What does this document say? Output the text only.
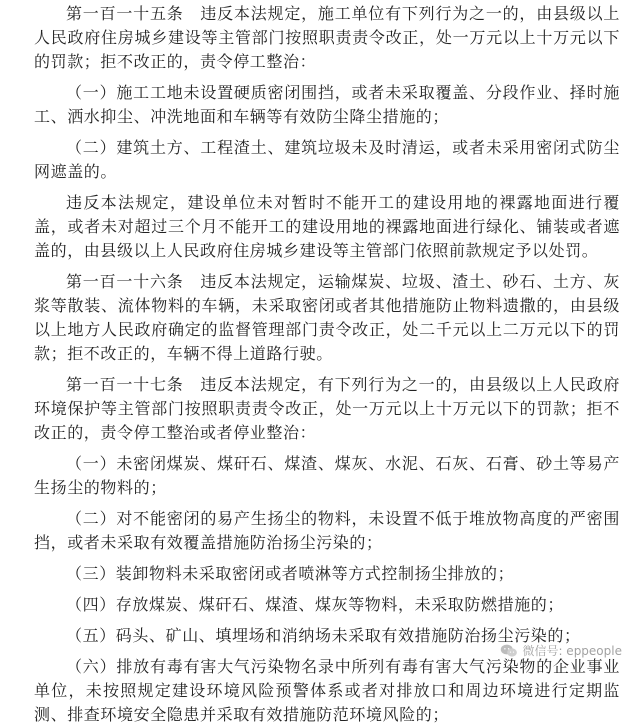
第一百一十五条　违反本法规定，施工单位有下列行为之一的，由县级以上人民政府住房城乡建设等主管部门按照职责责令改正，处一万元以上十万元以下的罚款；拒不改正的，责令停工整治：

（一）施工工地未设置硬质密闭围挡，或者未采取覆盖、分段作业、择时施工、洒水抑尘、冲洗地面和车辆等有效防尘降尘措施的；

（二）建筑土方、工程渣土、建筑垃圾未及时清运，或者未采用密闭式防尘网遮盖的。

违反本法规定，建设单位未对暂时不能开工的建设用地的裸露地面进行覆盖，或者未对超过三个月不能开工的建设用地的裸露地面进行绿化、铺装或者遮盖的，由县级以上人民政府住房城乡建设等主管部门依照前款规定予以处罚。

第一百一十六条　违反本法规定，运输煤炭、垃圾、渣土、砂石、土方、灰浆等散装、流体物料的车辆，未采取密闭或者其他措施防止物料遗撒的，由县级以上地方人民政府确定的监督管理部门责令改正，处二千元以上二万元以下的罚款；拒不改正的，车辆不得上道路行驶。

第一百一十七条　违反本法规定，有下列行为之一的，由县级以上人民政府环境保护等主管部门按照职责责令改正，处一万元以上十万元以下的罚款；拒不改正的，责令停工整治或者停业整治：

（一）未密闭煤炭、煤矸石、煤渣、煤灰、水泥、石灰、石膏、砂土等易产生扬尘的物料的；

（二）对不能密闭的易产生扬尘的物料，未设置不低于堆放物高度的严密围挡，或者未采取有效覆盖措施防治扬尘污染的；

（三）装卸物料未采取密闭或者喷淋等方式控制扬尘排放的；

（四）存放煤炭、煤矸石、煤渣、煤灰等物料，未采取防燃措施的；

（五）码头、矿山、填埋场和消纳场未采取有效措施防治扬尘污染的；

（六）排放有毒有害大气污染物名录中所列有毒有害大气污染物的企业事业单位，未按照规定建设环境风险预警体系或者对排放口和周边环境进行定期监测、排查环境安全隐患并采取有效措施防范环境风险的；

微信号: eppeople
